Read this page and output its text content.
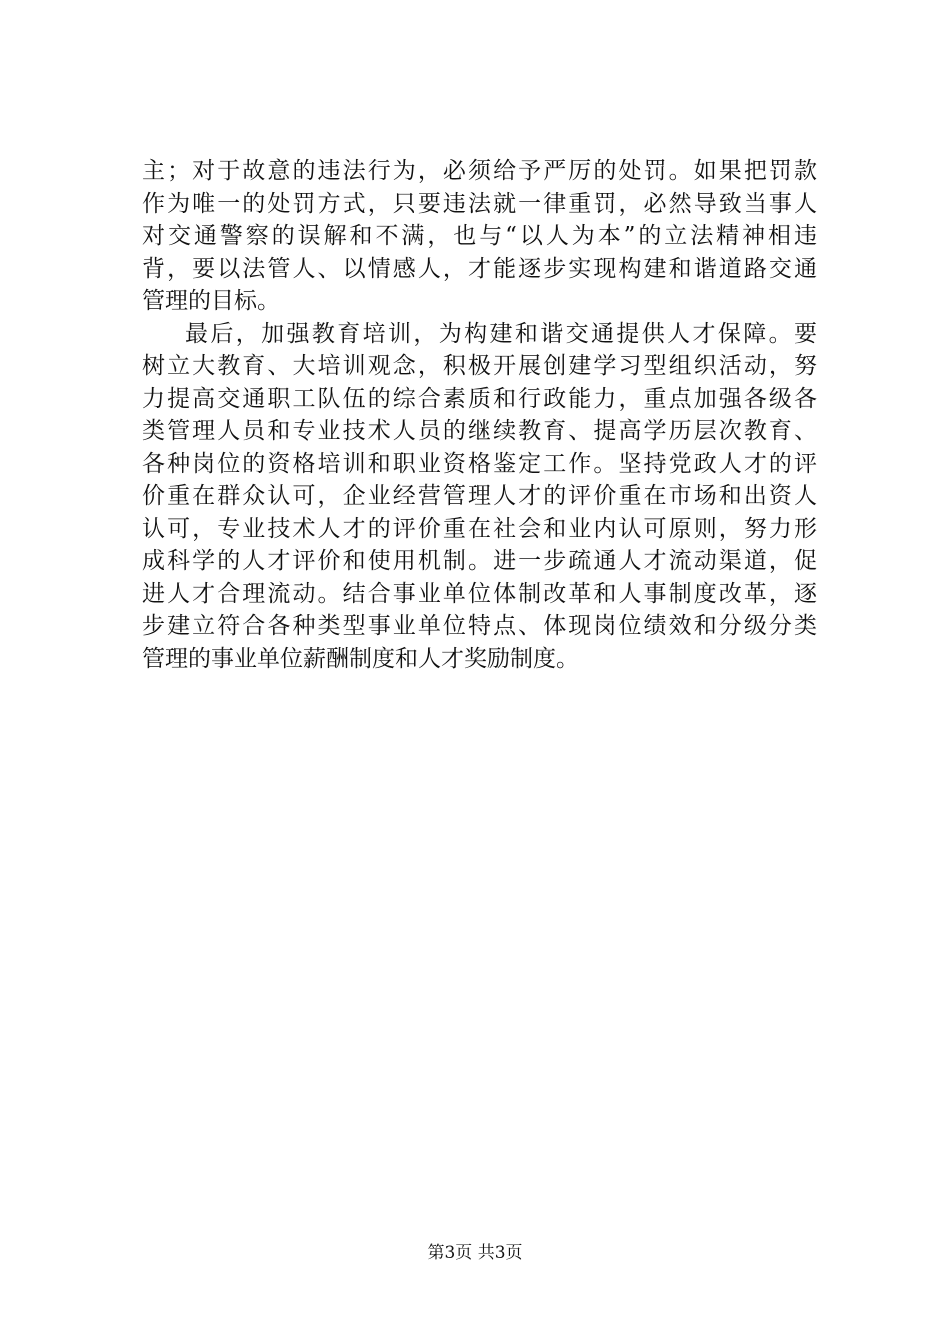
主；对于故意的违法行为，必须给予严厉的处罚。如果把罚款
作为唯一的处罚方式，只要违法就一律重罚，必然导致当事人
对交通警察的误解和不满，也与“以人为本”的立法精神相违
背，要以法管人、以情感人，才能逐步实现构建和谐道路交通
管理的目标。
最后，加强教育培训，为构建和谐交通提供人才保障。要
树立大教育、大培训观念，积极开展创建学习型组织活动，努
力提高交通职工队伍的综合素质和行政能力，重点加强各级各
类管理人员和专业技术人员的继续教育、提高学历层次教育、
各种岗位的资格培训和职业资格鉴定工作。坚持党政人才的评
价重在群众认可，企业经营管理人才的评价重在市场和出资人
认可，专业技术人才的评价重在社会和业内认可原则，努力形
成科学的人才评价和使用机制。进一步疏通人才流动渠道，促
进人才合理流动。结合事业单位体制改革和人事制度改革，逐
步建立符合各种类型事业单位特点、体现岗位绩效和分级分类
管理的事业单位薪酬制度和人才奖励制度。
第3页 共3页
